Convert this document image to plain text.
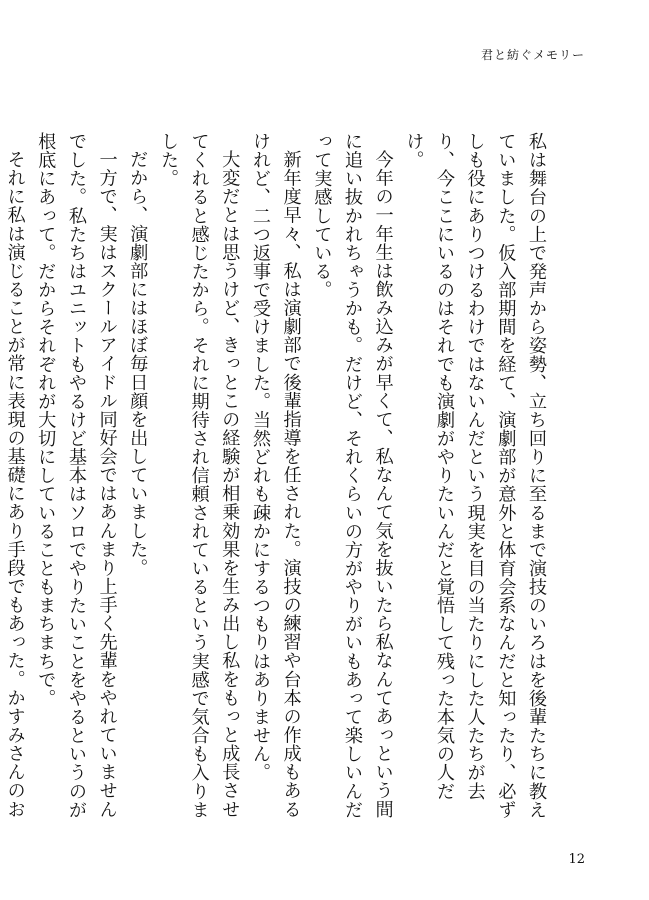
君と紡ぐメモリー

私は舞台の上で発声から姿勢、立ち回りに至るまで演技のいろはを後輩たちに教えていました。仮入部期間を経て、演劇部が意外と体育会系なんだと知ったり、必ずしも役にありつけるわけではないんだという現実を目の当たりにした人たちが去り、今ここにいるのはそれでも演劇がやりたいんだと覚悟して残った本気の人だけ。

今年の一年生は飲み込みが早くて、私なんて気を抜いたら私なんてあっという間に追い抜かれちゃうかも。だけど、それくらいの方がやりがいもあって楽しいんだって実感している。

新年度早々、私は演劇部で後輩指導を任された。演技の練習や台本の作成もあるけれど、二つ返事で受けました。当然どれも疎かにするつもりはありません。

大変だとは思うけど、きっとこの経験が相乗効果を生み出し私をもっと成長させてくれると感じたから。それに期待され信頼されているという実感で気合も入りました。

だから、演劇部にはほぼ毎日顔を出していました。

一方で、実はスクールアイドル同好会ではあんまり上手く先輩をやれていませんでした。私たちはユニットもやるけど基本はソロでやりたいことをやるというのが根底にあって。だからそれぞれが大切にしていることもまちまちで。

それに私は演じることが常に表現の基礎にあり手段でもあった。かすみさんのお

12
